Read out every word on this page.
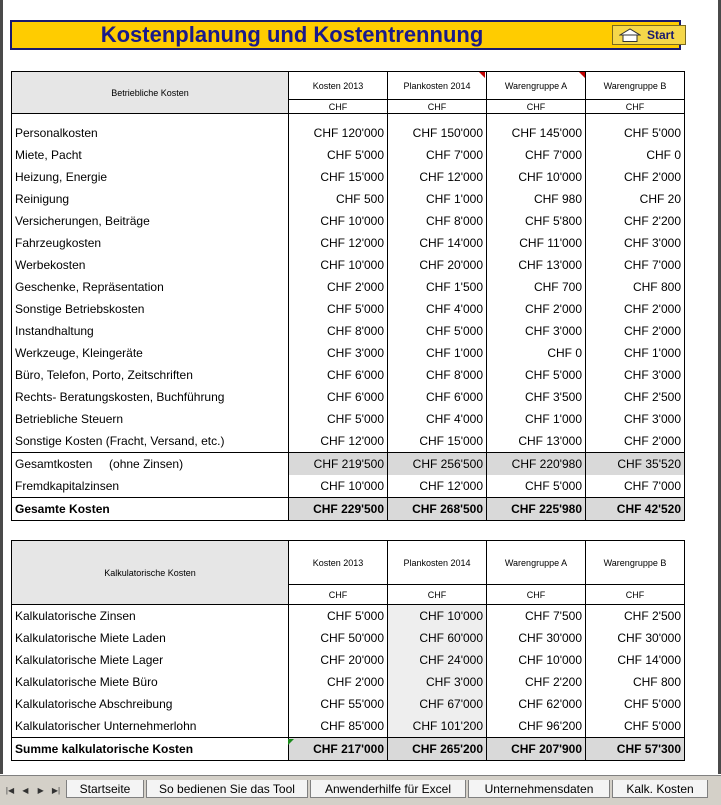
Kostenplanung und Kostentrennung	Start
Betriebliche Kosten	Kosten 2013	Plankosten 2014	Warengruppe A	Warengruppe B
	CHF	CHF	CHF	CHF

Personalkosten	CHF 120'000	CHF 150'000	CHF 145'000	CHF 5'000
Miete, Pacht	CHF 5'000	CHF 7'000	CHF 7'000	CHF 0
Heizung, Energie	CHF 15'000	CHF 12'000	CHF 10'000	CHF 2'000
Reinigung	CHF 500	CHF 1'000	CHF 980	CHF 20
Versicherungen, Beiträge	CHF 10'000	CHF 8'000	CHF 5'800	CHF 2'200
Fahrzeugkosten	CHF 12'000	CHF 14'000	CHF 11'000	CHF 3'000
Werbekosten	CHF 10'000	CHF 20'000	CHF 13'000	CHF 7'000
Geschenke, Repräsentation	CHF 2'000	CHF 1'500	CHF 700	CHF 800
Sonstige Betriebskosten	CHF 5'000	CHF 4'000	CHF 2'000	CHF 2'000
Instandhaltung	CHF 8'000	CHF 5'000	CHF 3'000	CHF 2'000
Werkzeuge, Kleingeräte	CHF 3'000	CHF 1'000	CHF 0	CHF 1'000
Büro, Telefon, Porto, Zeitschriften	CHF 6'000	CHF 8'000	CHF 5'000	CHF 3'000
Rechts- Beratungskosten, Buchführung	CHF 6'000	CHF 6'000	CHF 3'500	CHF 2'500
Betriebliche Steuern	CHF 5'000	CHF 4'000	CHF 1'000	CHF 3'000
Sonstige Kosten (Fracht, Versand, etc.)	CHF 12'000	CHF 15'000	CHF 13'000	CHF 2'000
Gesamtkosten     (ohne Zinsen)	CHF 219'500	CHF 256'500	CHF 220'980	CHF 35'520
Fremdkapitalzinsen	CHF 10'000	CHF 12'000	CHF 5'000	CHF 7'000
Gesamte Kosten	CHF 229'500	CHF 268'500	CHF 225'980	CHF 42'520
Kalkulatorische Kosten	Kosten 2013	Plankosten 2014	Warengruppe A	Warengruppe B
	CHF	CHF	CHF	CHF
Kalkulatorische Zinsen	CHF 5'000	CHF 10'000	CHF 7'500	CHF 2'500
Kalkulatorische Miete Laden	CHF 50'000	CHF 60'000	CHF 30'000	CHF 30'000
Kalkulatorische Miete Lager	CHF 20'000	CHF 24'000	CHF 10'000	CHF 14'000
Kalkulatorische Miete Büro	CHF 2'000	CHF 3'000	CHF 2'200	CHF 800
Kalkulatorische Abschreibung	CHF 55'000	CHF 67'000	CHF 62'000	CHF 5'000
Kalkulatorischer Unternehmerlohn	CHF 85'000	CHF 101'200	CHF 96'200	CHF 5'000
Summe kalkulatorische Kosten	CHF 217'000	CHF 265'200	CHF 207'900	CHF 57'300
|◀ ◀ ▶ ▶|	Startseite	So bedienen Sie das Tool	Anwenderhilfe für Excel	Unternehmensdaten	Kalk. Kosten
